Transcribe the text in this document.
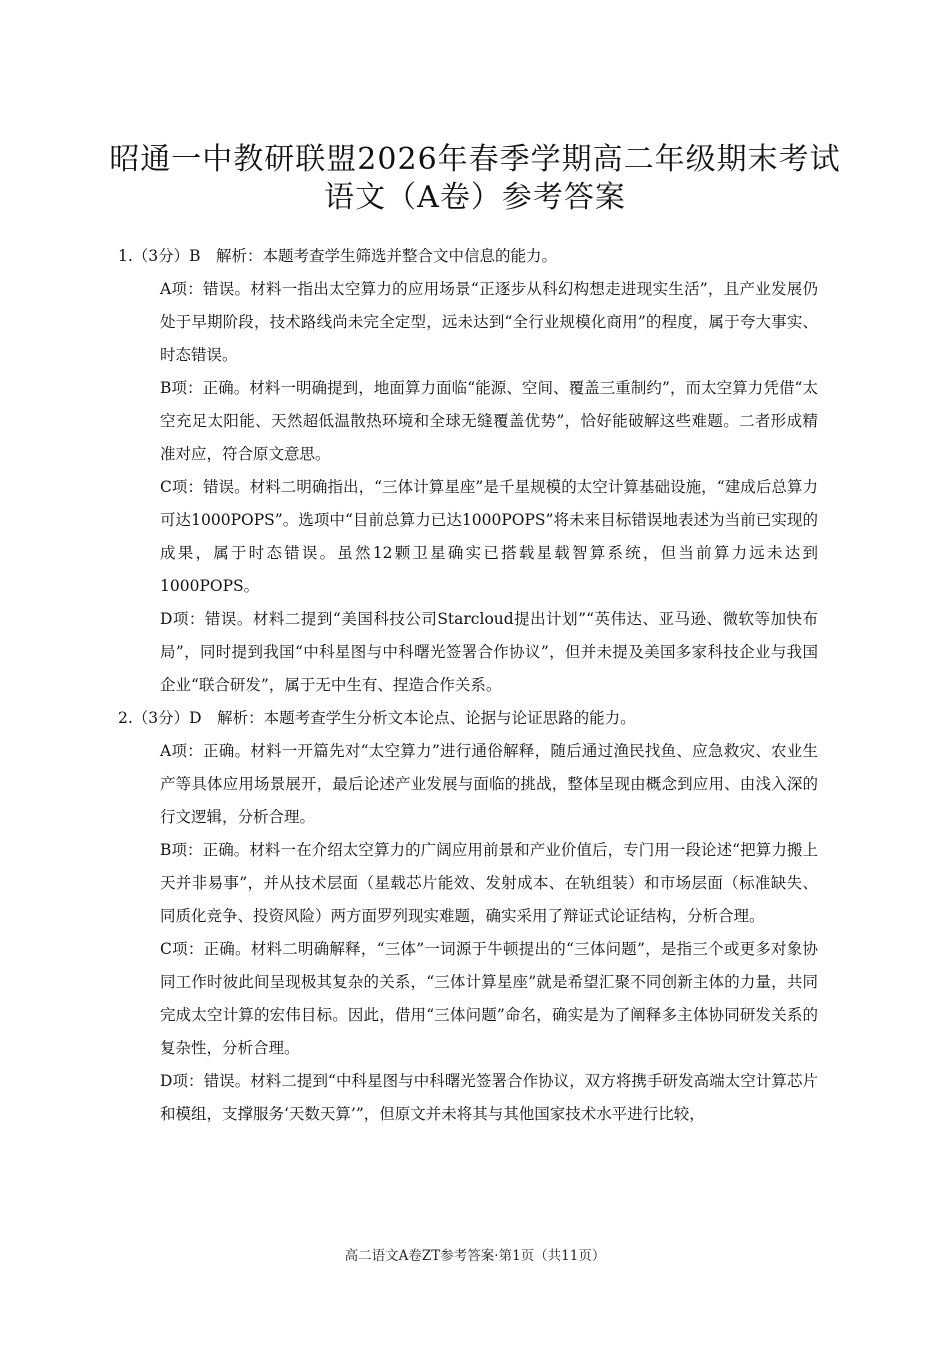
昭通一中教研联盟2026年春季学期高二年级期末考试
语文（A卷）参考答案

1.（3分）B　解析：本题考查学生筛选并整合文中信息的能力。

A项：错误。材料一指出太空算力的应用场景“正逐步从科幻构想走进现实生活”，且产业发展仍处于早期阶段，技术路线尚未完全定型，远未达到“全行业规模化商用”的程度，属于夸大事实、时态错误。

B项：正确。材料一明确提到，地面算力面临“能源、空间、覆盖三重制约”，而太空算力凭借“太空充足太阳能、天然超低温散热环境和全球无缝覆盖优势”，恰好能破解这些难题。二者形成精准对应，符合原文意思。

C项：错误。材料二明确指出，“三体计算星座”是千星规模的太空计算基础设施，“建成后总算力可达1000POPS”。选项中“目前总算力已达1000POPS”将未来目标错误地表述为当前已实现的成果，属于时态错误。虽然12颗卫星确实已搭载星载智算系统，但当前算力远未达到1000POPS。

D项：错误。材料二提到“美国科技公司Starcloud提出计划”“英伟达、亚马逊、微软等加快布局”，同时提到我国“中科星图与中科曙光签署合作协议”，但并未提及美国多家科技企业与我国企业“联合研发”，属于无中生有、捏造合作关系。

2.（3分）D　解析：本题考查学生分析文本论点、论据与论证思路的能力。

A项：正确。材料一开篇先对“太空算力”进行通俗解释，随后通过渔民找鱼、应急救灾、农业生产等具体应用场景展开，最后论述产业发展与面临的挑战，整体呈现由概念到应用、由浅入深的行文逻辑，分析合理。

B项：正确。材料一在介绍太空算力的广阔应用前景和产业价值后，专门用一段论述“把算力搬上天并非易事”，并从技术层面（星载芯片能效、发射成本、在轨组装）和市场层面（标准缺失、同质化竞争、投资风险）两方面罗列现实难题，确实采用了辩证式论证结构，分析合理。

C项：正确。材料二明确解释，“三体”一词源于牛顿提出的“三体问题”，是指三个或更多对象协同工作时彼此间呈现极其复杂的关系，“三体计算星座”就是希望汇聚不同创新主体的力量，共同完成太空计算的宏伟目标。因此，借用“三体问题”命名，确实是为了阐释多主体协同研发关系的复杂性，分析合理。

D项：错误。材料二提到“中科星图与中科曙光签署合作协议，双方将携手研发高端太空计算芯片和模组，支撑服务‘天数天算’”，但原文并未将其与其他国家技术水平进行比较，

高二语文A卷ZT参考答案·第1页（共11页）
